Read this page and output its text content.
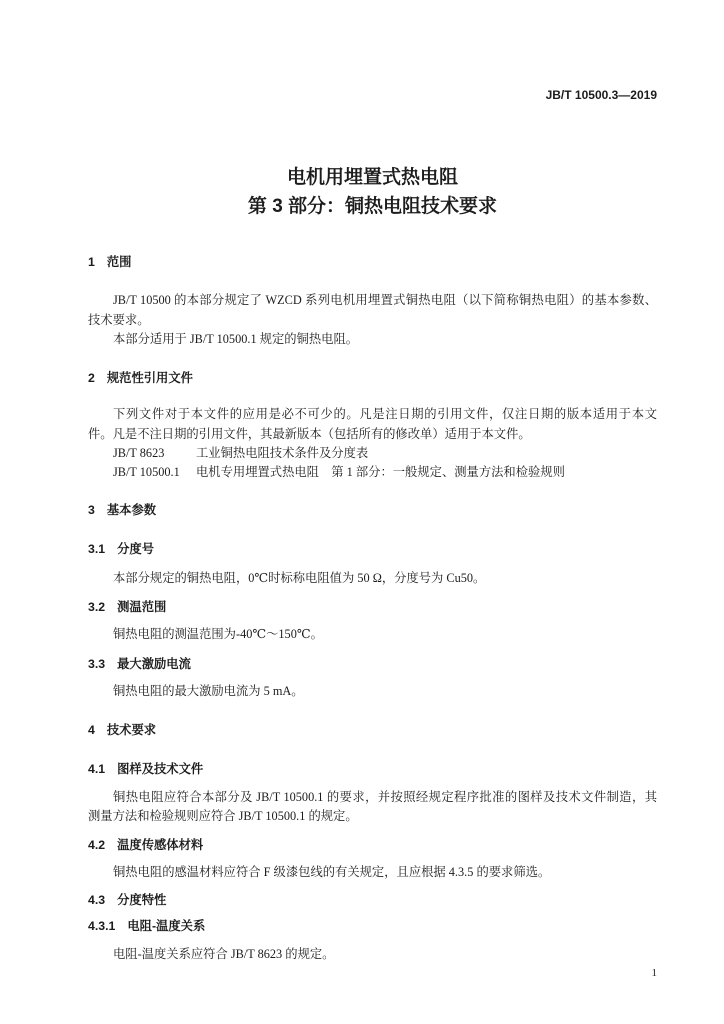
JB/T 10500.3—2019
电机用埋置式热电阻
第 3 部分：铜热电阻技术要求
1 范围
JB/T 10500 的本部分规定了 WZCD 系列电机用埋置式铜热电阻（以下简称铜热电阻）的基本参数、
技术要求。
本部分适用于 JB/T 10500.1 规定的铜热电阻。
2 规范性引用文件
下列文件对于本文件的应用是必不可少的。凡是注日期的引用文件，仅注日期的版本适用于本文
件。凡是不注日期的引用文件，其最新版本（包括所有的修改单）适用于本文件。
JB/T 8623	工业铜热电阻技术条件及分度表
JB/T 10500.1 电机专用埋置式热电阻　第 1 部分：一般规定、测量方法和检验规则
3 基本参数
3.1 分度号
本部分规定的铜热电阻，0℃时标称电阻值为 50 Ω，分度号为 Cu50。
3.2 测温范围
铜热电阻的测温范围为-40℃～150℃。
3.3 最大激励电流
铜热电阻的最大激励电流为 5 mA。
4 技术要求
4.1 图样及技术文件
铜热电阻应符合本部分及 JB/T 10500.1 的要求，并按照经规定程序批准的图样及技术文件制造，其
测量方法和检验规则应符合 JB/T 10500.1 的规定。
4.2 温度传感体材料
铜热电阻的感温材料应符合 F 级漆包线的有关规定，且应根据 4.3.5 的要求筛选。
4.3 分度特性
4.3.1 电阻-温度关系
电阻-温度关系应符合 JB/T 8623 的规定。
1
